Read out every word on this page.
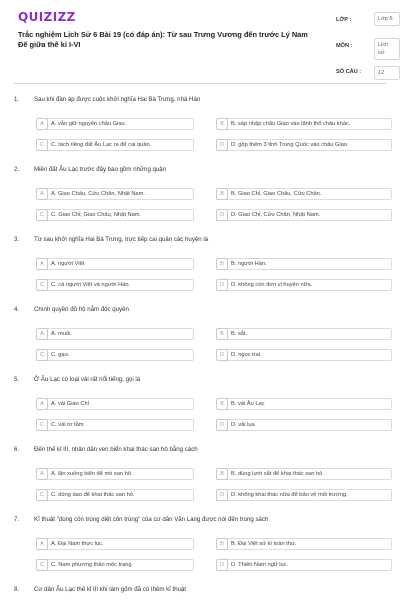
QUIZIZZ
Trắc nghiệm Lịch Sử 6 Bài 19 (có đáp án): Từ sau Trưng Vương đến trước Lý Nam Đế giữa thế kỉ I-VI
LỚP :	Lớp 6
MÔN :	Lịch sử
SỐ CÂU :	12
1. Sau khi đàn áp được cuộc khởi nghĩa Hai Bà Trưng, nhà Hán
A	A. vẫn giữ nguyên châu Giao.	B	B. sáp nhập châu Giao vào lãnh thổ châu khác.
C	C. tách riêng đất Âu Lạc ra để cai quản.	D	D. gộp thêm 3 tỉnh Trung Quốc vào châu Giao.
2. Miền đất Âu Lạc trước đây bao gồm những quận
A	A. Giao Châu, Cửu Chân, Nhật Nam.	B	B. Giao Chỉ, Giao Châu, Cửu Chân.
C	C. Giao Chỉ, Giao Châu, Nhật Nam.	D	D. Giao Chỉ, Cửu Chân, Nhật Nam.
3. Từ sau khởi nghĩa Hai Bà Trưng, trực tiếp cai quản các huyện là
A	A. người Việt	B	B. người Hán.
C	C. cả người Việt và người Hán.	D	D. không còn đơn vị huyện nữa.
4. Chính quyền đô hộ nắm độc quyền
A	A. muối.	B	B. sắt.
C	C. gạo.	D	D. ngọc trai.
5. Ở Âu Lạc có loại vải rất nổi tiếng, gọi là
A	A. vải Giao Chỉ	B	B. vải Âu Lạc
C	C. vải tơ tằm	D	D. vải lụa
6. Đến thế kỉ III, nhân dân ven biển khai thác san hô bằng cách
A	A. lặn xuống biển để mò san hô.	B	B. dùng lưới sắt để khai thác san hô.
C	C. dùng dao để khai thác san hô.	D	D. không khai thác nữa để bảo vệ môi trường.
7. Kĩ thuật "dùng côn trùng diệt côn trùng" của cư dân Văn Lang được nói đến trong sách
A	A. Đại Nam thực lục.	B	B. Đại Việt sử kí toàn thư.
C	C. Nam phương thảo mộc trạng	D	D. Thiên Nam ngữ lục.
8. Cư dân Âu Lạc thế kỉ III khi làm gốm đã có thêm kĩ thuật
